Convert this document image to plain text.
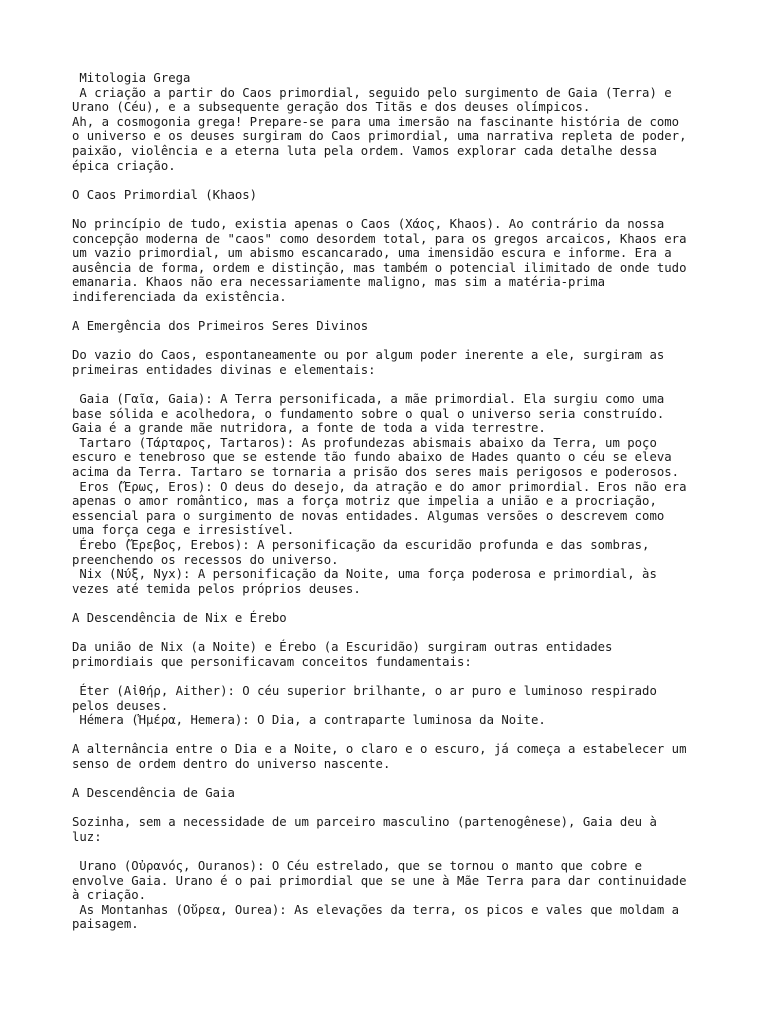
Mitologia Grega
A criação a partir do Caos primordial, seguido pelo surgimento de Gaia (Terra) e
Urano (Céu), e a subsequente geração dos Titãs e dos deuses olímpicos.
Ah, a cosmogonia grega! Prepare-se para uma imersão na fascinante história de como
o universo e os deuses surgiram do Caos primordial, uma narrativa repleta de poder,
paixão, violência e a eterna luta pela ordem. Vamos explorar cada detalhe dessa
épica criação.
O Caos Primordial (Khaos)
No princípio de tudo, existia apenas o Caos (Χάος, Khaos). Ao contrário da nossa
concepção moderna de "caos" como desordem total, para os gregos arcaicos, Khaos era
um vazio primordial, um abismo escancarado, uma imensidão escura e informe. Era a
ausência de forma, ordem e distinção, mas também o potencial ilimitado de onde tudo
emanaria. Khaos não era necessariamente maligno, mas sim a matéria-prima
indiferenciada da existência.
A Emergência dos Primeiros Seres Divinos
Do vazio do Caos, espontaneamente ou por algum poder inerente a ele, surgiram as
primeiras entidades divinas e elementais:
Gaia (Γαῖα, Gaia): A Terra personificada, a mãe primordial. Ela surgiu como uma
base sólida e acolhedora, o fundamento sobre o qual o universo seria construído.
Gaia é a grande mãe nutridora, a fonte de toda a vida terrestre.
Tartaro (Τάρταρος, Tartaros): As profundezas abismais abaixo da Terra, um poço
escuro e tenebroso que se estende tão fundo abaixo de Hades quanto o céu se eleva
acima da Terra. Tartaro se tornaria a prisão dos seres mais perigosos e poderosos.
Eros (Ἔρως, Eros): O deus do desejo, da atração e do amor primordial. Eros não era
apenas o amor romântico, mas a força motriz que impelia a união e a procriação,
essencial para o surgimento de novas entidades. Algumas versões o descrevem como
uma força cega e irresistível.
Érebo (Ἔρεβος, Erebos): A personificação da escuridão profunda e das sombras,
preenchendo os recessos do universo.
Nix (Νύξ, Nyx): A personificação da Noite, uma força poderosa e primordial, às
vezes até temida pelos próprios deuses.
A Descendência de Nix e Érebo
Da união de Nix (a Noite) e Érebo (a Escuridão) surgiram outras entidades
primordiais que personificavam conceitos fundamentais:
Éter (Αἰθήρ, Aither): O céu superior brilhante, o ar puro e luminoso respirado
pelos deuses.
Hémera (Ἡμέρα, Hemera): O Dia, a contraparte luminosa da Noite.
A alternância entre o Dia e a Noite, o claro e o escuro, já começa a estabelecer um
senso de ordem dentro do universo nascente.
A Descendência de Gaia
Sozinha, sem a necessidade de um parceiro masculino (partenogênese), Gaia deu à
luz:
Urano (Οὐρανός, Ouranos): O Céu estrelado, que se tornou o manto que cobre e
envolve Gaia. Urano é o pai primordial que se une à Mãe Terra para dar continuidade
à criação.
As Montanhas (Οὔρεα, Ourea): As elevações da terra, os picos e vales que moldam a
paisagem.
